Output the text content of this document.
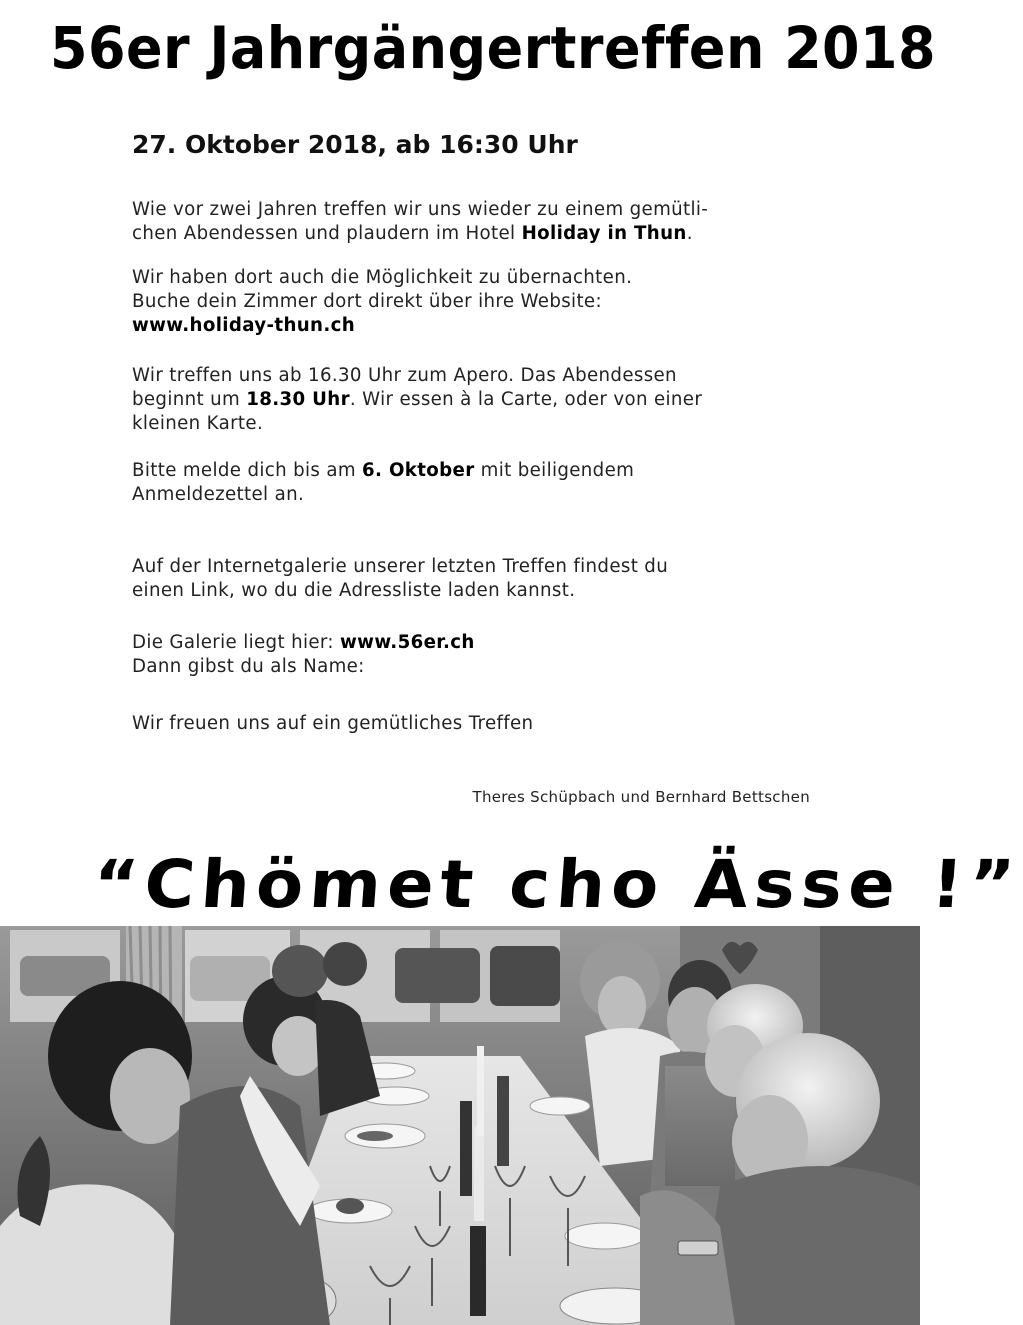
56er Jahrgängertreffen 2018
27. Oktober 2018, ab 16:30 Uhr

Wie vor zwei Jahren treffen wir uns wieder zu einem gemütli-
chen Abendessen und plaudern im Hotel Holiday in Thun.

Wir haben dort auch die Möglichkeit zu übernachten.
Buche dein Zimmer dort direkt über ihre Website:
www.holiday-thun.ch

Wir treffen uns ab 16.30 Uhr zum Apero. Das Abendessen
beginnt um 18.30 Uhr. Wir essen à la Carte, oder von einer
kleinen Karte.

Bitte melde dich bis am 6. Oktober mit beiligendem
Anmeldezettel an.

Auf der Internetgalerie unserer letzten Treffen findest du
einen Link, wo du die Adressliste laden kannst.

Die Galerie liegt hier: www.56er.ch
Dann gibst du als Name:

Wir freuen uns auf ein gemütliches Treffen

Theres Schüpbach und Bernhard Bettschen

“Chömet cho Ässe !”
